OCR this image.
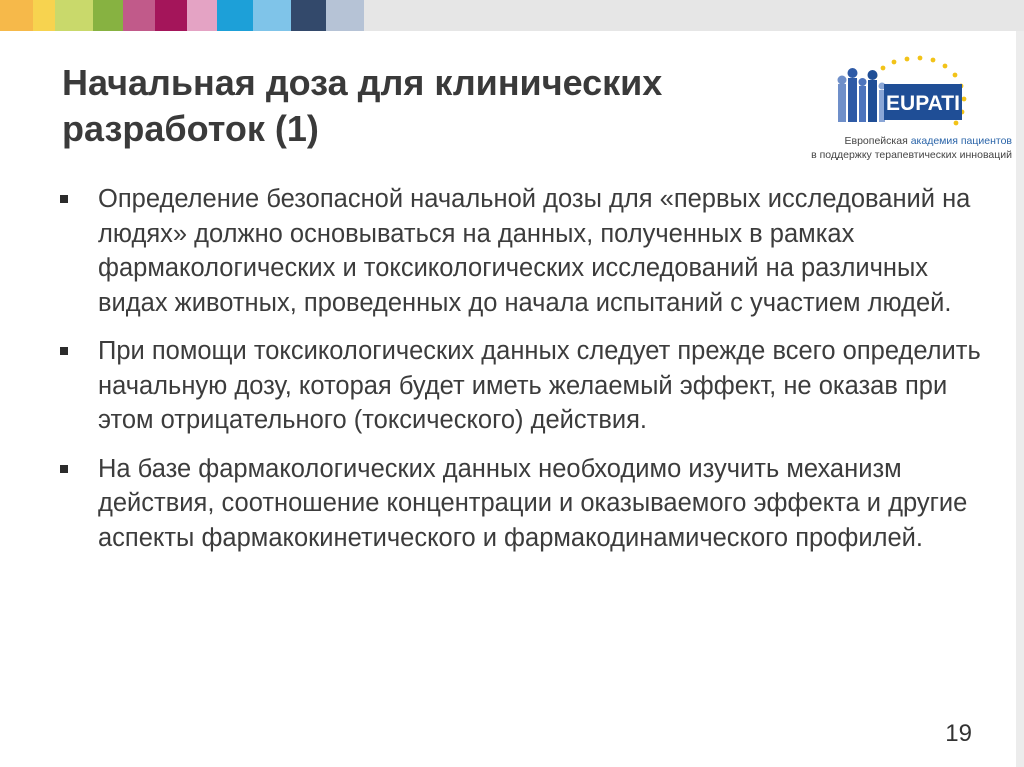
Начальная доза для клинических разработок (1)
EUPATI
Европейская академия пациентов
в поддержку терапевтических инноваций
Определение безопасной начальной дозы для «первых исследований на людях» должно основываться на данных, полученных в рамках фармакологических и токсикологических исследований на различных видах животных, проведенных до начала испытаний с участием людей.
При помощи токсикологических данных следует прежде всего определить начальную дозу, которая будет иметь желаемый эффект, не оказав при этом отрицательного (токсического) действия.
На базе фармакологических данных необходимо изучить механизм действия, соотношение концентрации и оказываемого эффекта и другие аспекты фармакокинетического и фармакодинамического профилей.
19
